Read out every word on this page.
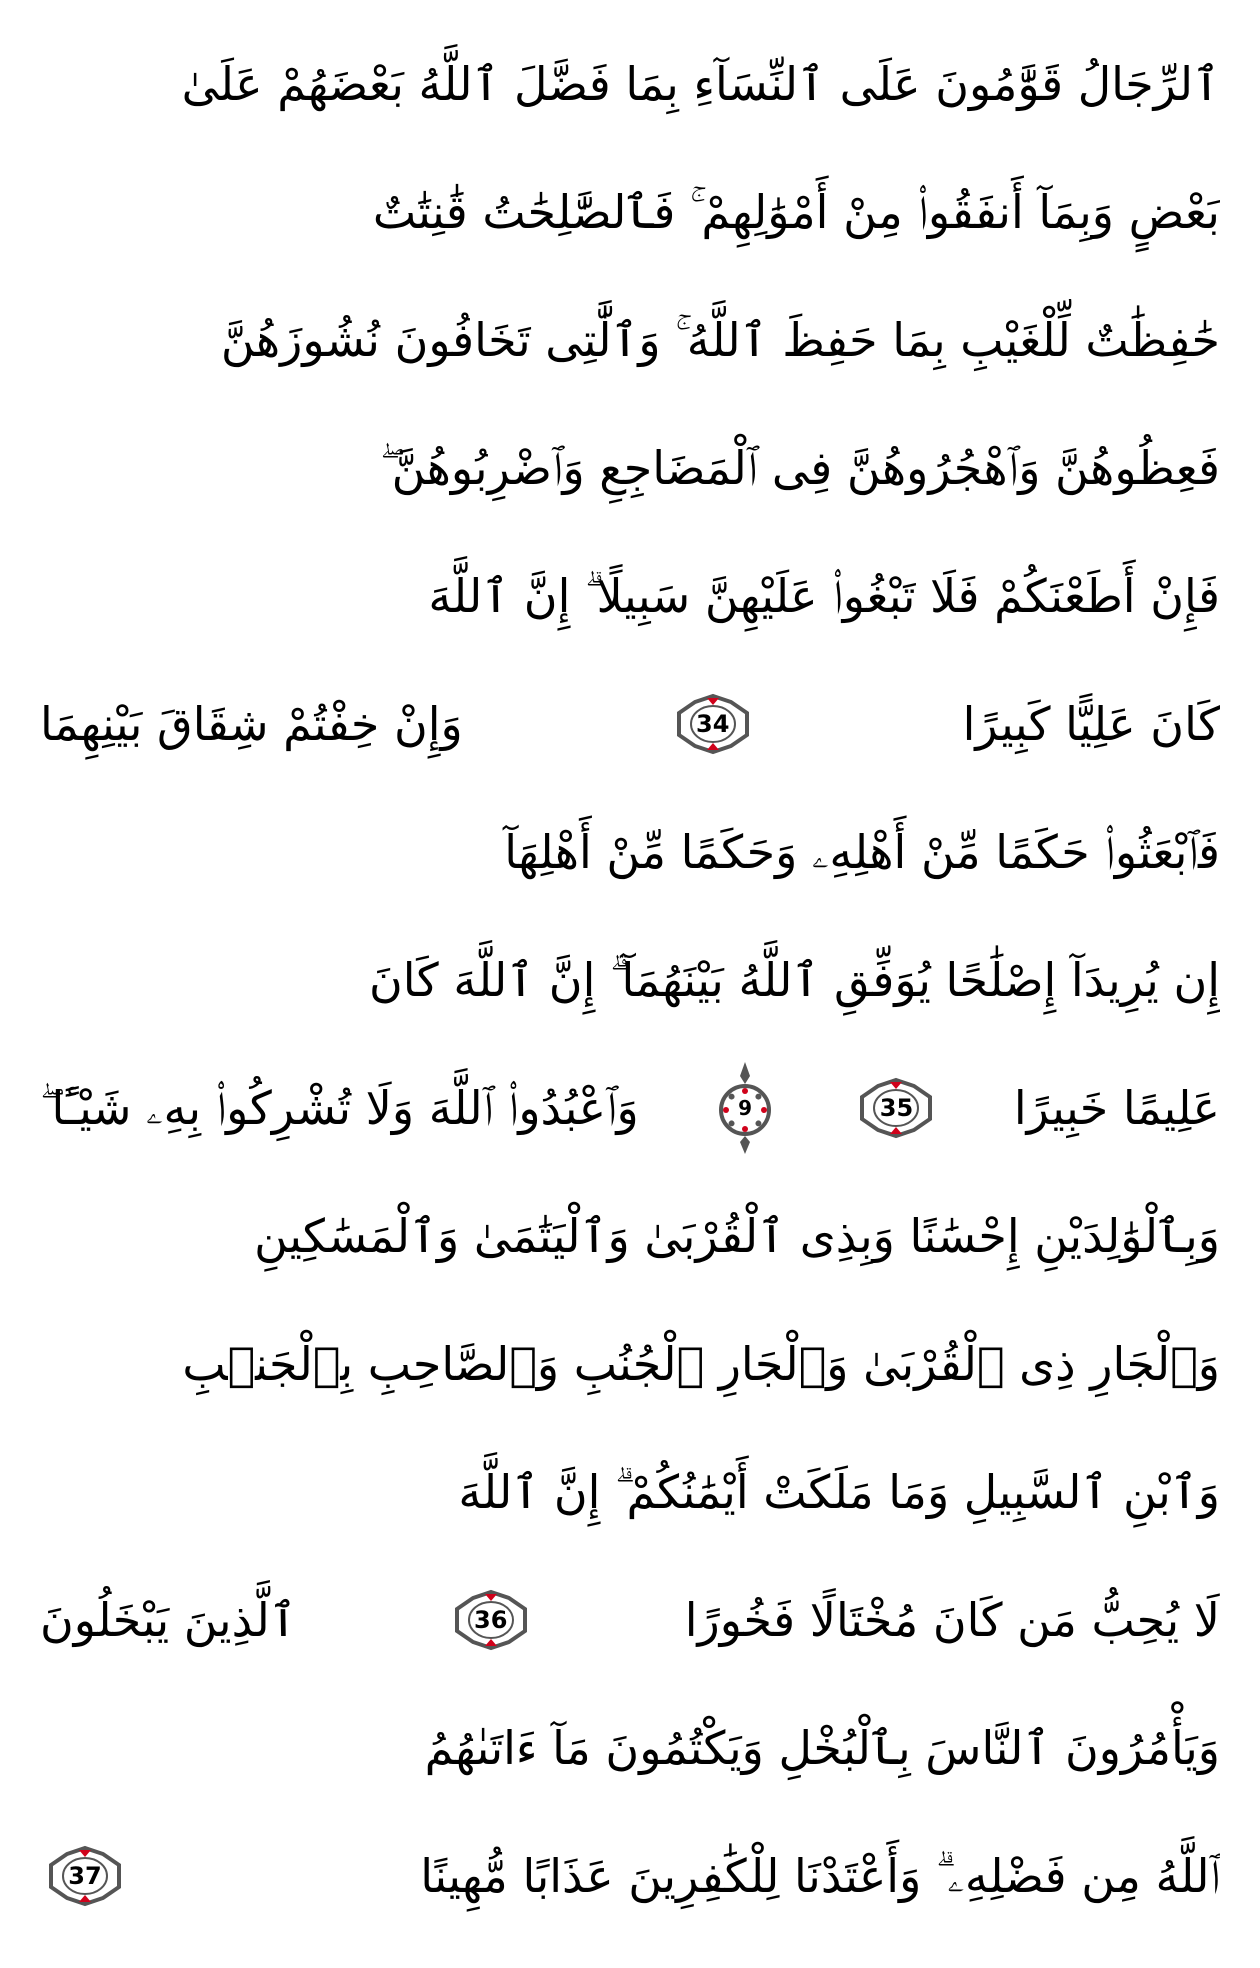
ٱلرِّجَالُ قَوَّٰمُونَ عَلَى ٱلنِّسَآءِ بِمَا فَضَّلَ ٱللَّهُ بَعْضَهُمْ عَلَىٰ
بَعْضٍ وَبِمَآ أَنفَقُوا۟ مِنْ أَمْوَٰلِهِمْ ۚ فَٱلصَّٰلِحَٰتُ قَٰنِتَٰتٌ
حَٰفِظَٰتٌ لِّلْغَيْبِ بِمَا حَفِظَ ٱللَّهُ ۚ وَٱلَّٰتِى تَخَافُونَ نُشُوزَهُنَّ
فَعِظُوهُنَّ وَٱهْجُرُوهُنَّ فِى ٱلْمَضَاجِعِ وَٱضْرِبُوهُنَّ ۖ
فَإِنْ أَطَعْنَكُمْ فَلَا تَبْغُوا۟ عَلَيْهِنَّ سَبِيلًا ۗ إِنَّ ٱللَّهَ
كَانَ عَلِيًّا كَبِيرًا
34
وَإِنْ خِفْتُمْ شِقَاقَ بَيْنِهِمَا
فَٱبْعَثُوا۟ حَكَمًا مِّنْ أَهْلِهِۦ وَحَكَمًا مِّنْ أَهْلِهَآ
إِن يُرِيدَآ إِصْلَٰحًا يُوَفِّقِ ٱللَّهُ بَيْنَهُمَآ ۗ إِنَّ ٱللَّهَ كَانَ
عَلِيمًا خَبِيرًا
35
9
وَٱعْبُدُوا۟ ٱللَّهَ وَلَا تُشْرِكُوا۟ بِهِۦ شَيْـًٔا ۖ
وَبِٱلْوَٰلِدَيْنِ إِحْسَٰنًا وَبِذِى ٱلْقُرْبَىٰ وَٱلْيَتَٰمَىٰ وَٱلْمَسَٰكِينِ
وَٱلْجَارِ ذِى ٱلْقُرْبَىٰ وَٱلْجَارِ ٱلْجُنُبِ وَٱلصَّاحِبِ بِٱلْجَنۢبِ
وَٱبْنِ ٱلسَّبِيلِ وَمَا مَلَكَتْ أَيْمَٰنُكُمْ ۗ إِنَّ ٱللَّهَ
لَا يُحِبُّ مَن كَانَ مُخْتَالًا فَخُورًا
36
ٱلَّذِينَ يَبْخَلُونَ
وَيَأْمُرُونَ ٱلنَّاسَ بِٱلْبُخْلِ وَيَكْتُمُونَ مَآ ءَاتَىٰهُمُ
ٱللَّهُ مِن فَضْلِهِۦ ۗ وَأَعْتَدْنَا لِلْكَٰفِرِينَ عَذَابًا مُّهِينًا
37
